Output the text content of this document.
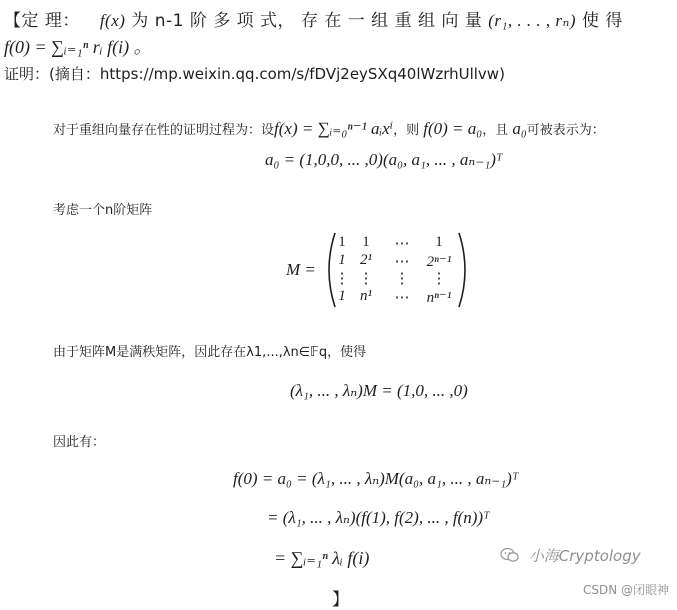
【定 理： f(x) 为 n-1 阶 多 项 式， 存 在 一 组 重 组 向 量 (r₁, . . . , rₙ) 使 得
f(0) = ∑ᵢ₌₁ⁿ rᵢ f(i) 。
证明：(摘自：https://mp.weixin.qq.com/s/fDVj2eySXq40lWzrhUllvw)
对于重组向量存在性的证明过程为：设f(x) = ∑ᵢ₌₀ⁿ⁻¹ aᵢxⁱ，则 f(0) = a₀，且 a₀可被表示为：
a₀ = (1,0,0, ... ,0)(a₀, a₁, ... , aₙ₋₁)ᵀ
考虑一个n阶矩阵
M =
1	1	⋯	1
1 2¹	⋯	2ⁿ⁻¹
⋮ ⋮	⋮	⋮
1 n¹	⋯	nⁿ⁻¹
由于矩阵M是满秩矩阵，因此存在λ1,...,λn∈𝔽q，使得
(λ₁, ... , λₙ)M = (1,0, ... ,0)
因此有：
f(0) = a₀ = (λ₁, ... , λₙ)M(a₀, a₁, ... , aₙ₋₁)ᵀ
= (λ₁, ... , λₙ)(f(1), f(2), ... , f(n))ᵀ
= ∑ᵢ₌₁ⁿ λᵢ f(i)
】
小海Cryptology
CSDN @闭眼神
